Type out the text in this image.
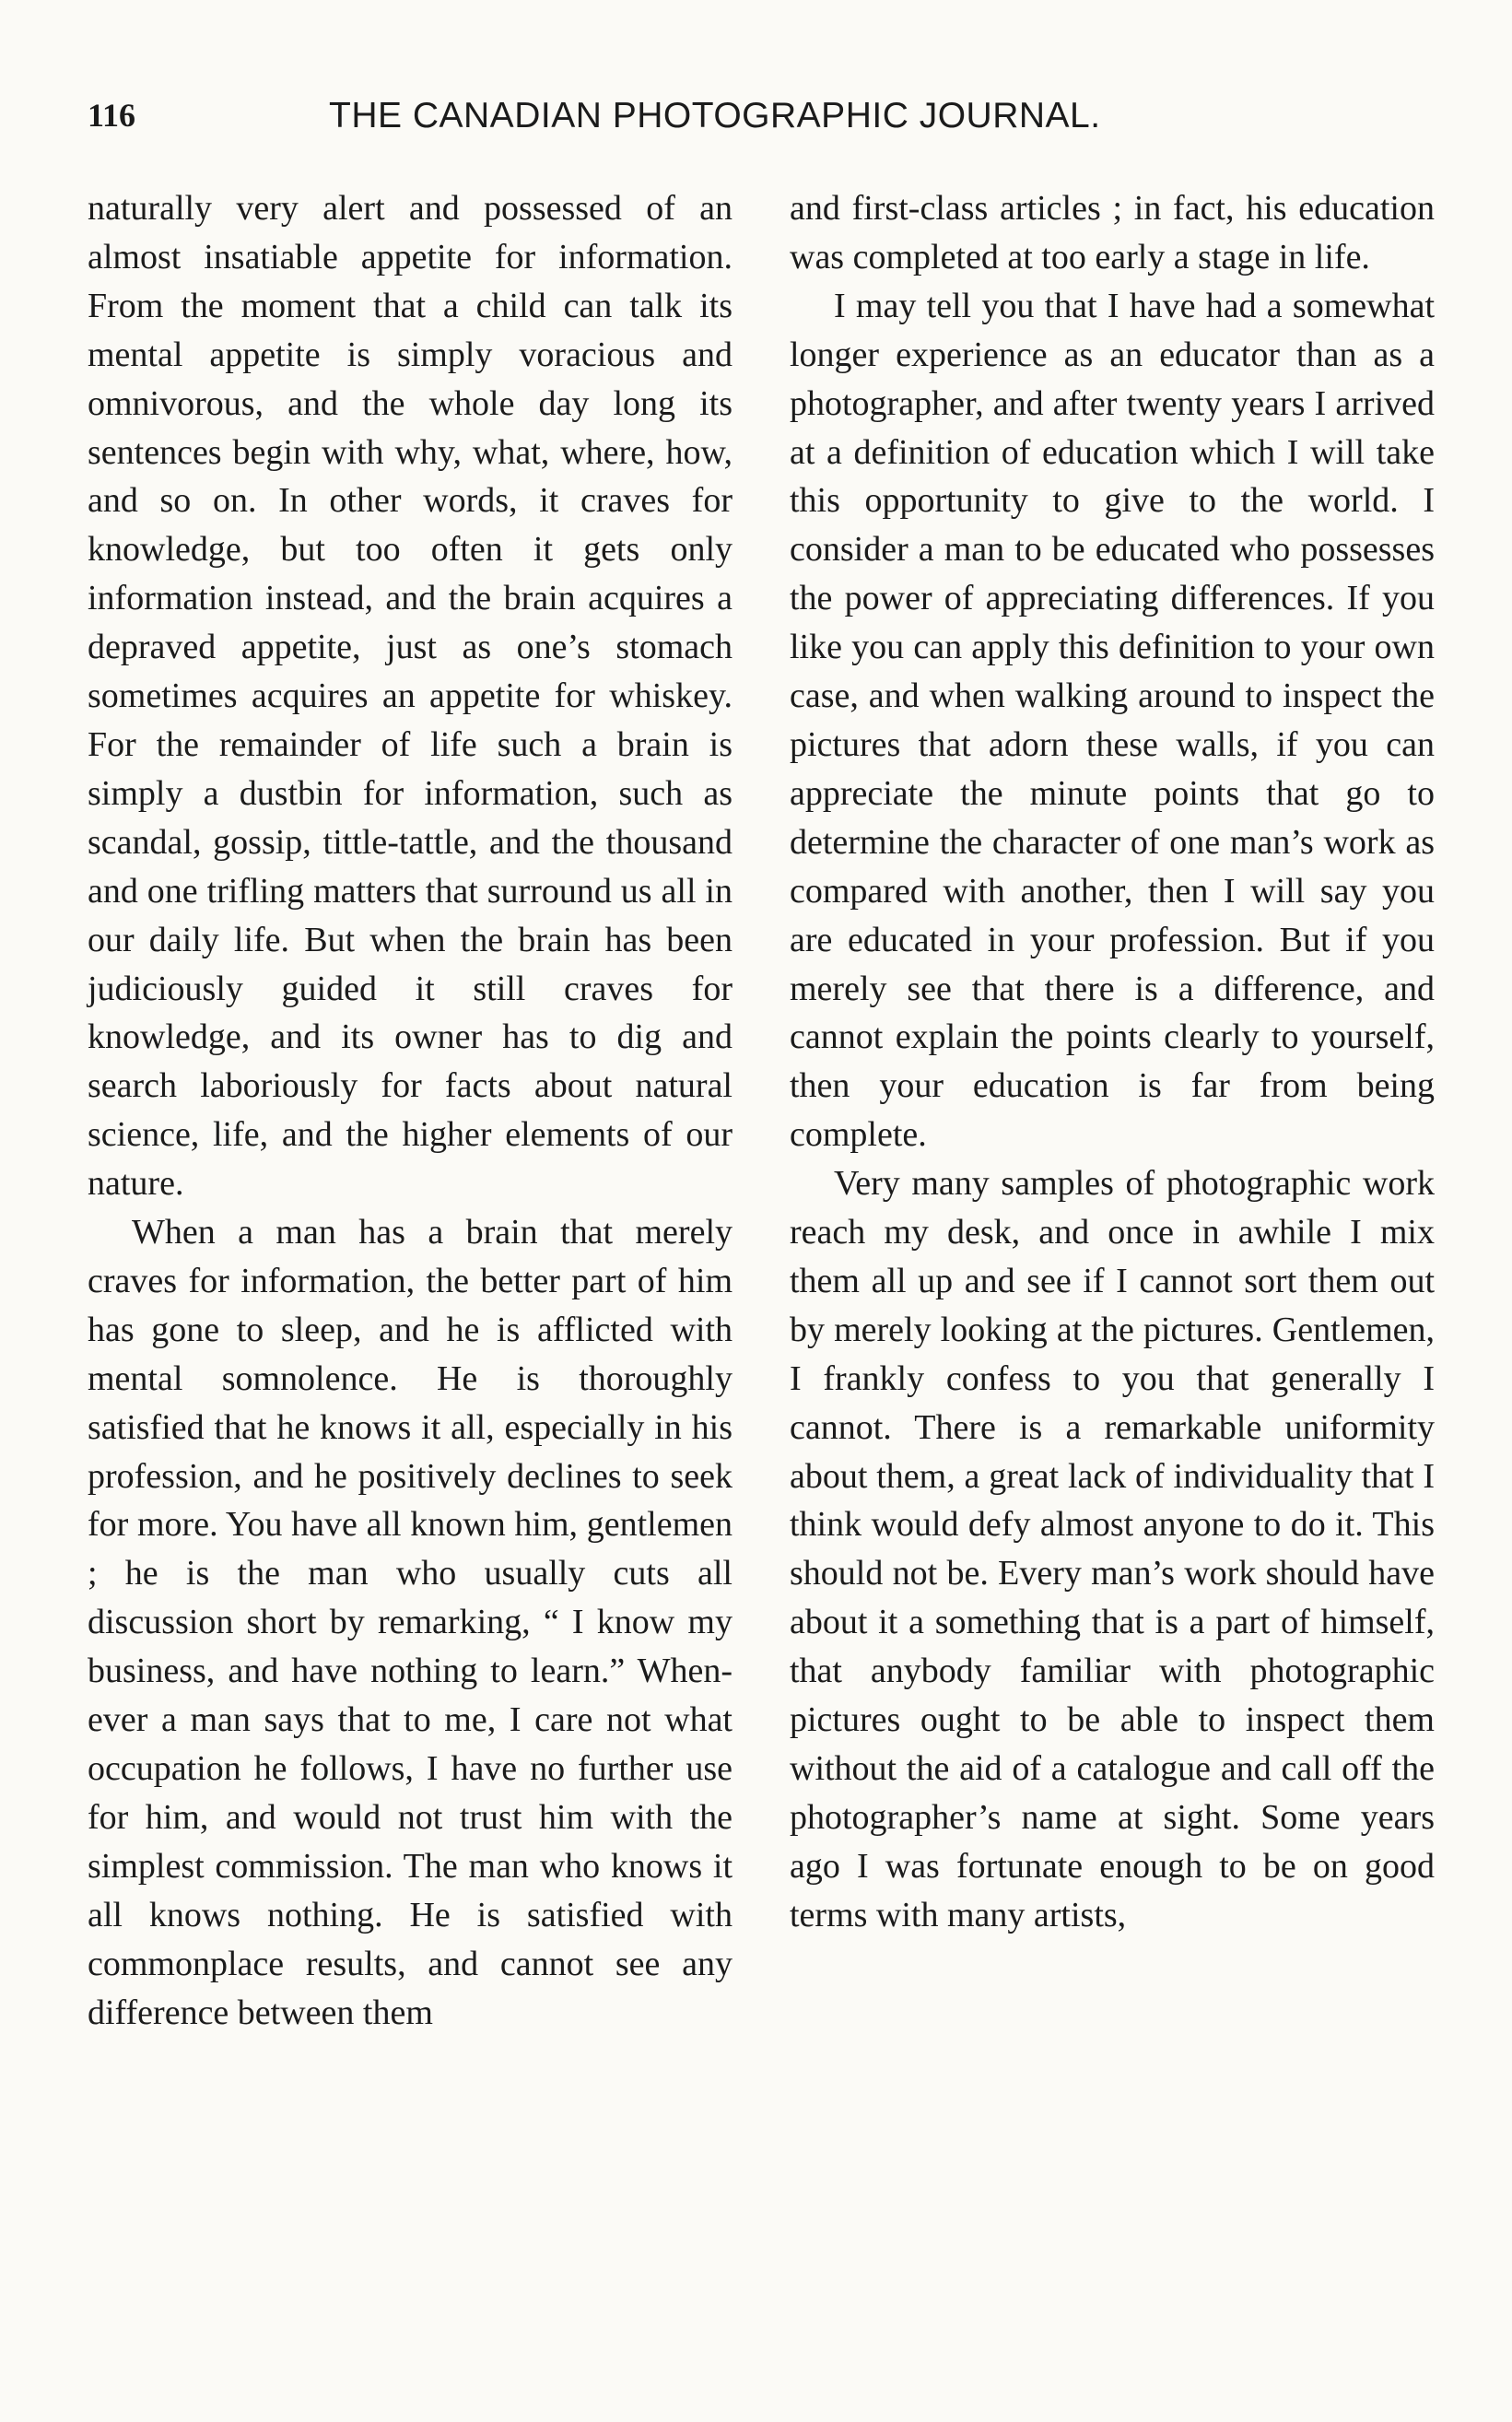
116	THE CANADIAN PHOTOGRAPHIC JOURNAL.

naturally very alert and possessed of an almost insatiable appetite for information. From the moment that a child can talk its mental appetite is simply voracious and omnivorous, and the whole day long its sentences begin with why, what, where, how, and so on. In other words, it craves for knowledge, but too often it gets only information instead, and the brain acquires a depraved appetite, just as one’s stomach sometimes acquires an appetite for whiskey. For the remainder of life such a brain is simply a dustbin for information, such as scandal, gossip, tittle-tattle, and the thousand and one trifling matters that surround us all in our daily life. But when the brain has been judiciously guided it still craves for knowledge, and its owner has to dig and search laboriously for facts about natural science, life, and the higher elements of our nature.

When a man has a brain that merely craves for information, the better part of him has gone to sleep, and he is afflicted with mental somnolence. He is thoroughly satisfied that he knows it all, especially in his profession, and he positively declines to seek for more. You have all known him, gentlemen ; he is the man who usually cuts all discussion short by remarking, “ I know my business, and have nothing to learn.” Whenever a man says that to me, I care not what occupation he follows, I have no further use for him, and would not trust him with the simplest commission. The man who knows it all knows nothing. He is satisfied with commonplace results, and cannot see any difference between them

and first-class articles ; in fact, his education was completed at too early a stage in life.

I may tell you that I have had a somewhat longer experience as an educator than as a photographer, and after twenty years I arrived at a definition of education which I will take this opportunity to give to the world. I consider a man to be educated who possesses the power of appreciating differences. If you like you can apply this definition to your own case, and when walking around to inspect the pictures that adorn these walls, if you can appreciate the minute points that go to determine the character of one man’s work as compared with another, then I will say you are educated in your profession. But if you merely see that there is a difference, and cannot explain the points clearly to yourself, then your education is far from being complete.

Very many samples of photographic work reach my desk, and once in awhile I mix them all up and see if I cannot sort them out by merely looking at the pictures. Gentlemen, I frankly confess to you that generally I cannot. There is a remarkable uniformity about them, a great lack of individuality that I think would defy almost anyone to do it. This should not be. Every man’s work should have about it a something that is a part of himself, that anybody familiar with photographic pictures ought to be able to inspect them without the aid of a catalogue and call off the photographer’s name at sight. Some years ago I was fortunate enough to be on good terms with many artists,
